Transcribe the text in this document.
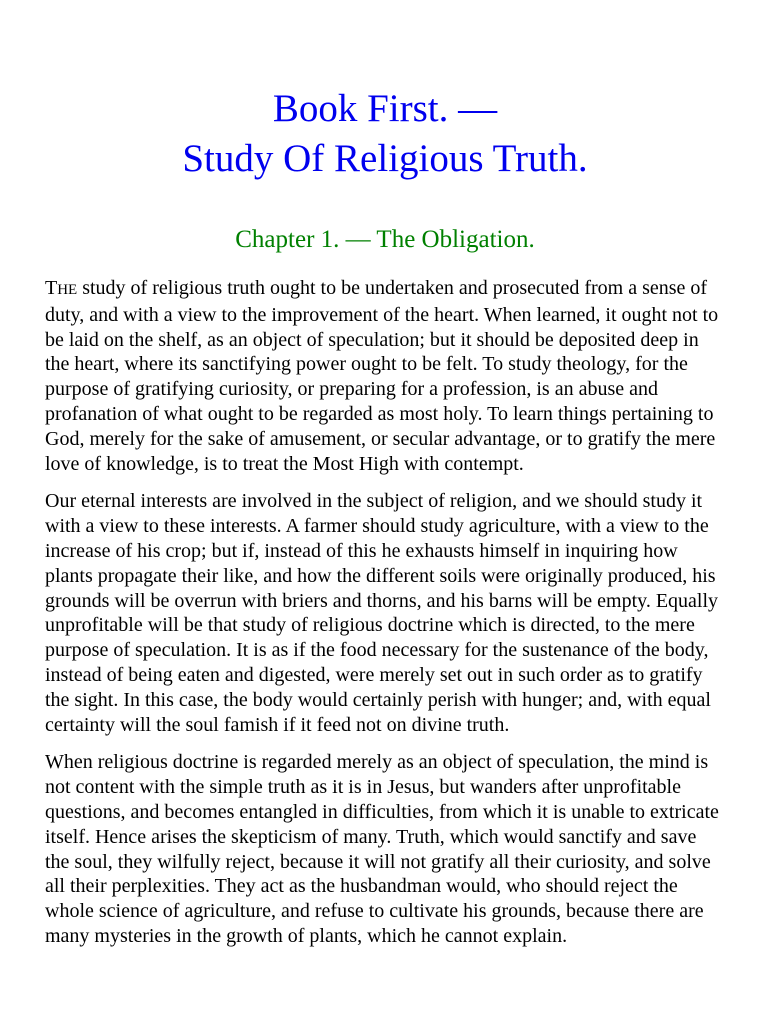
Book First. —
Study Of Religious Truth.
Chapter 1. — The Obligation.

THE study of religious truth ought to be undertaken and prosecuted from a sense of duty, and with a view to the improvement of the heart. When learned, it ought not to be laid on the shelf, as an object of speculation; but it should be deposited deep in the heart, where its sanctifying power ought to be felt. To study theology, for the purpose of gratifying curiosity, or preparing for a profession, is an abuse and profanation of what ought to be regarded as most holy. To learn things pertaining to God, merely for the sake of amusement, or secular advantage, or to gratify the mere love of knowledge, is to treat the Most High with contempt.

Our eternal interests are involved in the subject of religion, and we should study it with a view to these interests. A farmer should study agriculture, with a view to the increase of his crop; but if, instead of this he exhausts himself in inquiring how plants propagate their like, and how the different soils were originally produced, his grounds will be overrun with briers and thorns, and his barns will be empty. Equally unprofitable will be that study of religious doctrine which is directed, to the mere purpose of speculation. It is as if the food necessary for the sustenance of the body, instead of being eaten and digested, were merely set out in such order as to gratify the sight. In this case, the body would certainly perish with hunger; and, with equal certainty will the soul famish if it feed not on divine truth.

When religious doctrine is regarded merely as an object of speculation, the mind is not content with the simple truth as it is in Jesus, but wanders after unprofitable questions, and becomes entangled in difficulties, from which it is unable to extricate itself. Hence arises the skepticism of many. Truth, which would sanctify and save the soul, they wilfully reject, because it will not gratify all their curiosity, and solve all their perplexities. They act as the husbandman would, who should reject the whole science of agriculture, and refuse to cultivate his grounds, because there are many mysteries in the growth of plants, which he cannot explain.
